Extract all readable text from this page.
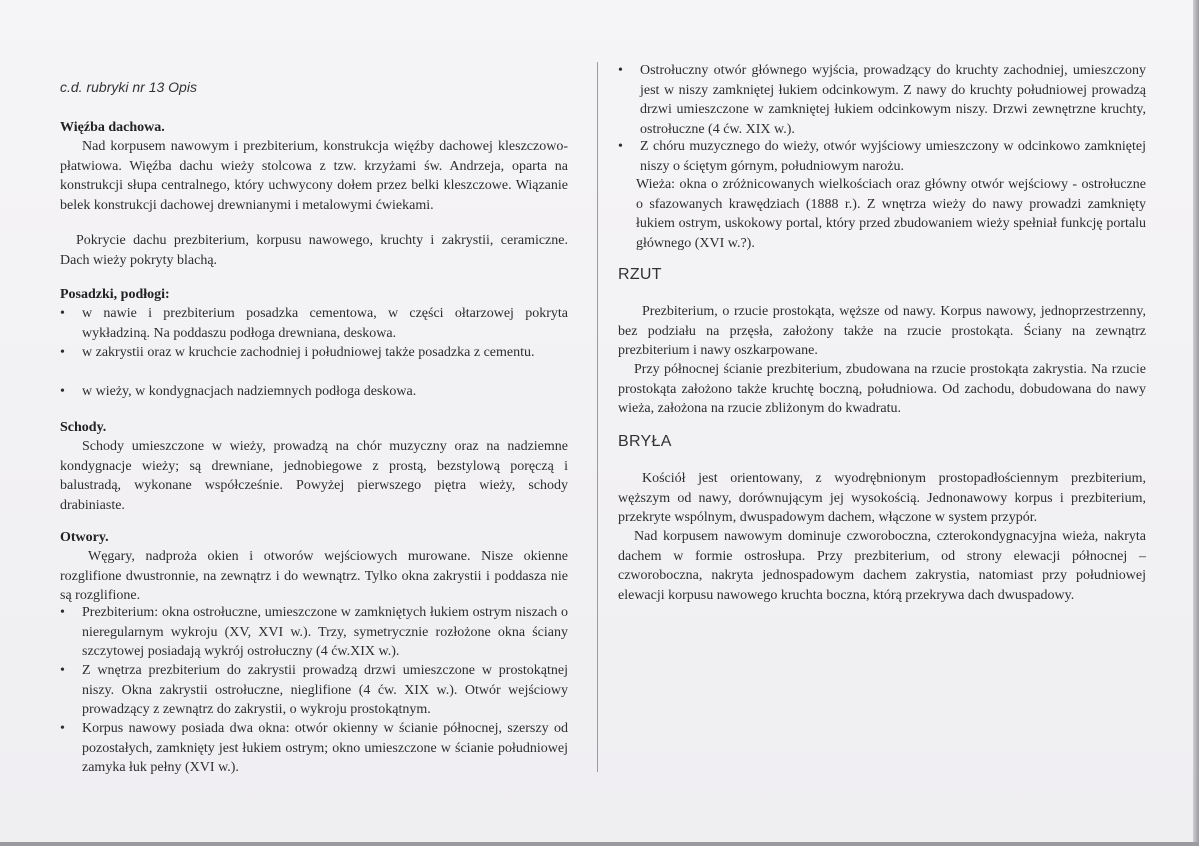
c.d. rubryki nr 13 Opis
Więźba dachowa.
Nad korpusem nawowym i prezbiterium, konstrukcja więźby dachowej kleszczowo-płatwiowa. Więźba dachu wieży stolcowa z tzw. krzyżami św. Andrzeja, oparta na konstrukcji słupa centralnego, który uchwycony dołem przez belki kleszczowe. Wiązanie belek konstrukcji dachowej drewnianymi i metalowymi ćwiekami.
Pokrycie dachu prezbiterium, korpusu nawowego, kruchty i zakrystii, ceramiczne. Dach wieży pokryty blachą.
Posadzki, podłogi:
• w nawie i prezbiterium posadzka cementowa, w części ołtarzowej pokryta wykładziną. Na poddaszu podłoga drewniana, deskowa.
• w zakrystii oraz w kruchcie zachodniej i południowej także posadzka z cementu.
• w wieży, w kondygnacjach nadziemnych podłoga deskowa.
Schody.
Schody umieszczone w wieży, prowadzą na chór muzyczny oraz na nadziemne kondygnacje wieży; są drewniane, jednobiegowe z prostą, bezstylową poręczą i balustradą, wykonane współcześnie. Powyżej pierwszego piętra wieży, schody drabiniaste.
Otwory.
Węgary, nadproża okien i otworów wejściowych murowane. Nisze okienne rozglifione dwustronnie, na zewnątrz i do wewnątrz. Tylko okna zakrystii i poddasza nie są rozglifione.
• Prezbiterium: okna ostrołuczne, umieszczone w zamkniętych łukiem ostrym niszach o nieregularnym wykroju (XV, XVI w.). Trzy, symetrycznie rozłożone okna ściany szczytowej posiadają wykrój ostrołuczny (4 ćw.XIX w.).
• Z wnętrza prezbiterium do zakrystii prowadzą drzwi umieszczone w prostokątnej niszy. Okna zakrystii ostrołuczne, nieglifione (4 ćw. XIX w.). Otwór wejściowy prowadzący z zewnątrz do zakrystii, o wykroju prostokątnym.
• Korpus nawowy posiada dwa okna: otwór okienny w ścianie północnej, szerszy od pozostałych, zamknięty jest łukiem ostrym; okno umieszczone w ścianie południowej zamyka łuk pełny (XVI w.).
• Ostrołuczny otwór głównego wyjścia, prowadzący do kruchty zachodniej, umieszczony jest w niszy zamkniętej łukiem odcinkowym. Z nawy do kruchty południowej prowadzą drzwi umieszczone w zamkniętej łukiem odcinkowym niszy. Drzwi zewnętrzne kruchty, ostrołuczne (4 ćw. XIX w.).
• Z chóru muzycznego do wieży, otwór wyjściowy umieszczony w odcinkowo zamkniętej niszy o ściętym górnym, południowym narożu.
Wieża: okna o zróżnicowanych wielkościach oraz główny otwór wejściowy - ostrołuczne o sfazowanych krawędziach (1888 r.). Z wnętrza wieży do nawy prowadzi zamknięty łukiem ostrym, uskokowy portal, który przed zbudowaniem wieży spełniał funkcję portalu głównego (XVI w.?).
RZUT
Prezbiterium, o rzucie prostokąta, węższe od nawy. Korpus nawowy, jednoprzestrzenny, bez podziału na przęsła, założony także na rzucie prostokąta. Ściany na zewnątrz prezbiterium i nawy oszkarpowane.
Przy północnej ścianie prezbiterium, zbudowana na rzucie prostokąta zakrystia. Na rzucie prostokąta założono także kruchtę boczną, południowa. Od zachodu, dobudowana do nawy wieża, założona na rzucie zbliżonym do kwadratu.
BRYŁA
Kościół jest orientowany, z wyodrębnionym prostopadłościennym prezbiterium, węższym od nawy, dorównującym jej wysokością. Jednonawowy korpus i prezbiterium, przekryte wspólnym, dwuspadowym dachem, włączone w system przypór.
Nad korpusem nawowym dominuje czworoboczna, czterokondygnacyjna wieża, nakryta dachem w formie ostrosłupa. Przy prezbiterium, od strony elewacji północnej – czworoboczna, nakryta jednospadowym dachem zakrystia, natomiast przy południowej elewacji korpusu nawowego kruchta boczna, którą przekrywa dach dwuspadowy.
